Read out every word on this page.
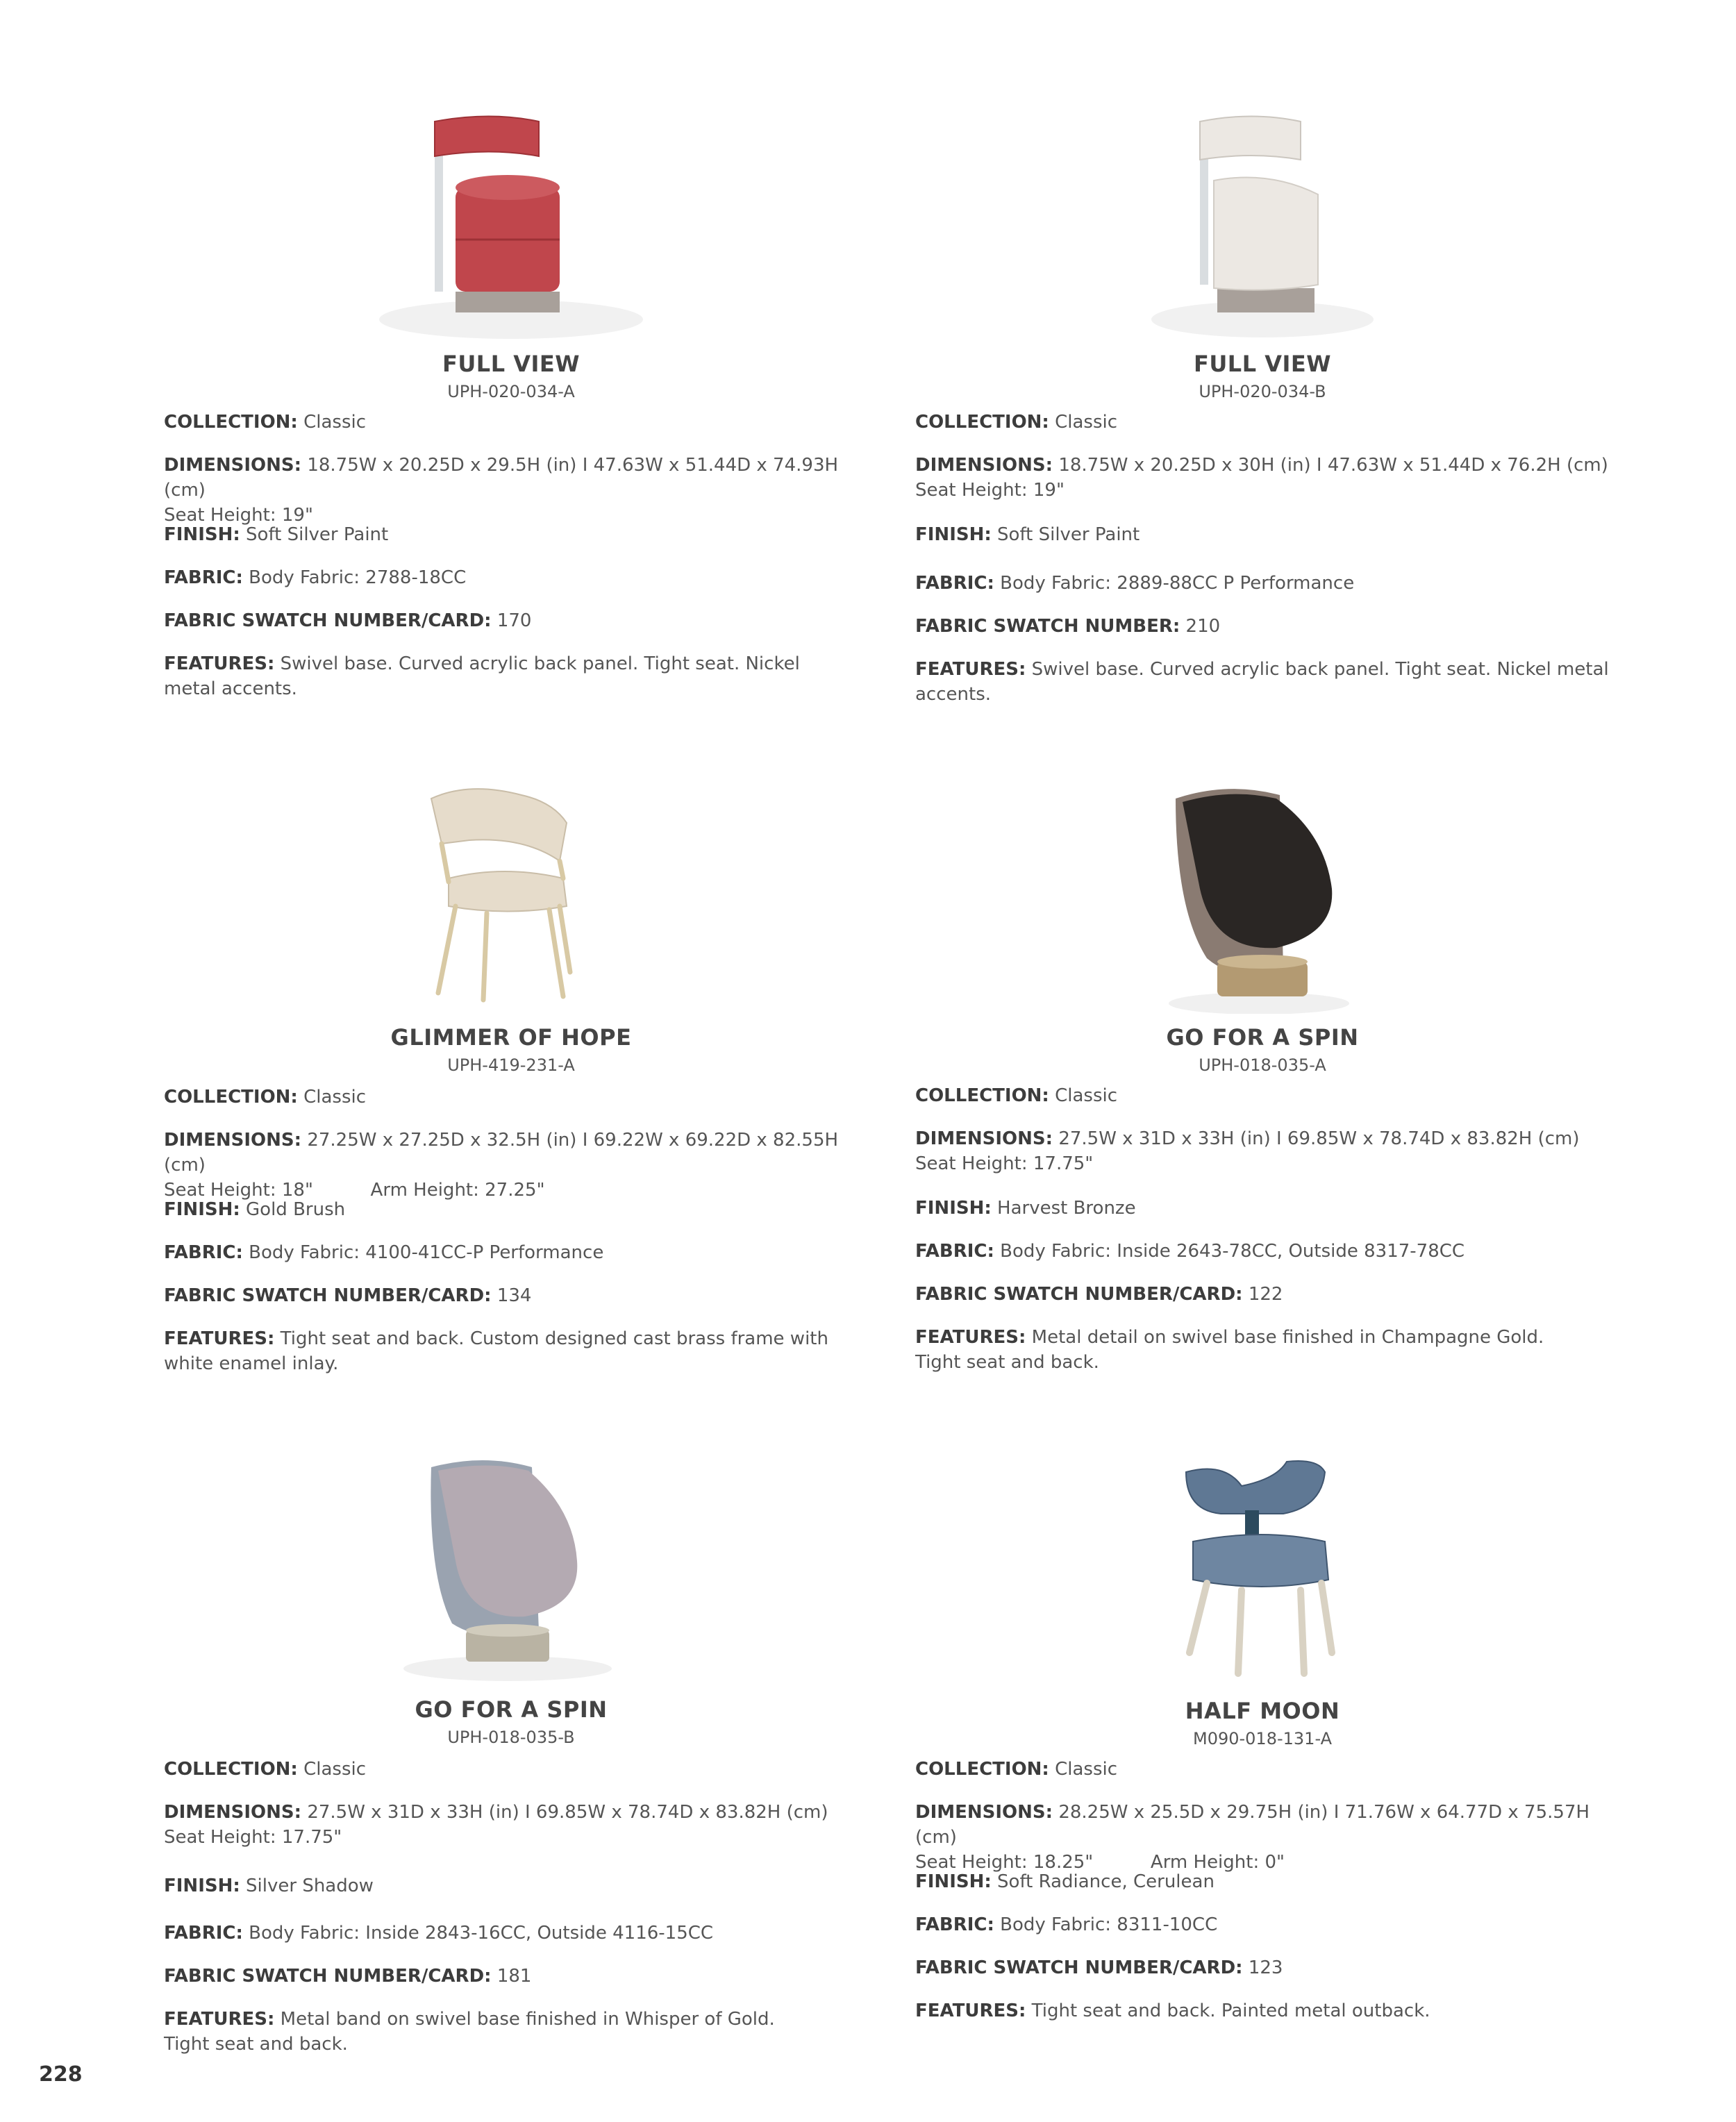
FULL VIEW
UPH-020-034-A
COLLECTION: Classic
DIMENSIONS: 18.75W x 20.25D x 29.5H (in) I 47.63W x 51.44D x 74.93H (cm)
Seat Height: 19"
FINISH: Soft Silver Paint
FABRIC: Body Fabric: 2788-18CC
FABRIC SWATCH NUMBER/CARD: 170
FEATURES: Swivel base. Curved acrylic back panel. Tight seat. Nickel
metal accents.
FULL VIEW
UPH-020-034-B
COLLECTION: Classic
DIMENSIONS: 18.75W x 20.25D x 30H (in) I 47.63W x 51.44D x 76.2H (cm)
Seat Height: 19"
FINISH: Soft Silver Paint
FABRIC: Body Fabric: 2889-88CC P Performance
FABRIC SWATCH NUMBER: 210
FEATURES: Swivel base. Curved acrylic back panel. Tight seat. Nickel metal
accents.
GLIMMER OF HOPE
UPH-419-231-A
COLLECTION: Classic
DIMENSIONS: 27.25W x 27.25D x 32.5H (in) I 69.22W x 69.22D x 82.55H (cm)
Seat Height: 18"          Arm Height: 27.25"
FINISH: Gold Brush
FABRIC: Body Fabric: 4100-41CC-P Performance
FABRIC SWATCH NUMBER/CARD: 134
FEATURES: Tight seat and back. Custom designed cast brass frame with
white enamel inlay.
GO FOR A SPIN
UPH-018-035-A
COLLECTION: Classic
DIMENSIONS: 27.5W x 31D x 33H (in) I 69.85W x 78.74D x 83.82H (cm)
Seat Height: 17.75"
FINISH: Harvest Bronze
FABRIC: Body Fabric: Inside 2643-78CC, Outside 8317-78CC
FABRIC SWATCH NUMBER/CARD: 122
FEATURES: Metal detail on swivel base finished in Champagne Gold.
Tight seat and back.
GO FOR A SPIN
UPH-018-035-B
COLLECTION: Classic
DIMENSIONS: 27.5W x 31D x 33H (in) I 69.85W x 78.74D x 83.82H (cm)
Seat Height: 17.75"
FINISH: Silver Shadow
FABRIC: Body Fabric: Inside 2843-16CC, Outside 4116-15CC
FABRIC SWATCH NUMBER/CARD: 181
FEATURES: Metal band on swivel base finished in Whisper of Gold.
Tight seat and back.
HALF MOON
M090-018-131-A
COLLECTION: Classic
DIMENSIONS: 28.25W x 25.5D x 29.75H (in) I 71.76W x 64.77D x 75.57H (cm)
Seat Height: 18.25"          Arm Height: 0"
FINISH: Soft Radiance, Cerulean
FABRIC: Body Fabric: 8311-10CC
FABRIC SWATCH NUMBER/CARD: 123
FEATURES: Tight seat and back. Painted metal outback.
228
